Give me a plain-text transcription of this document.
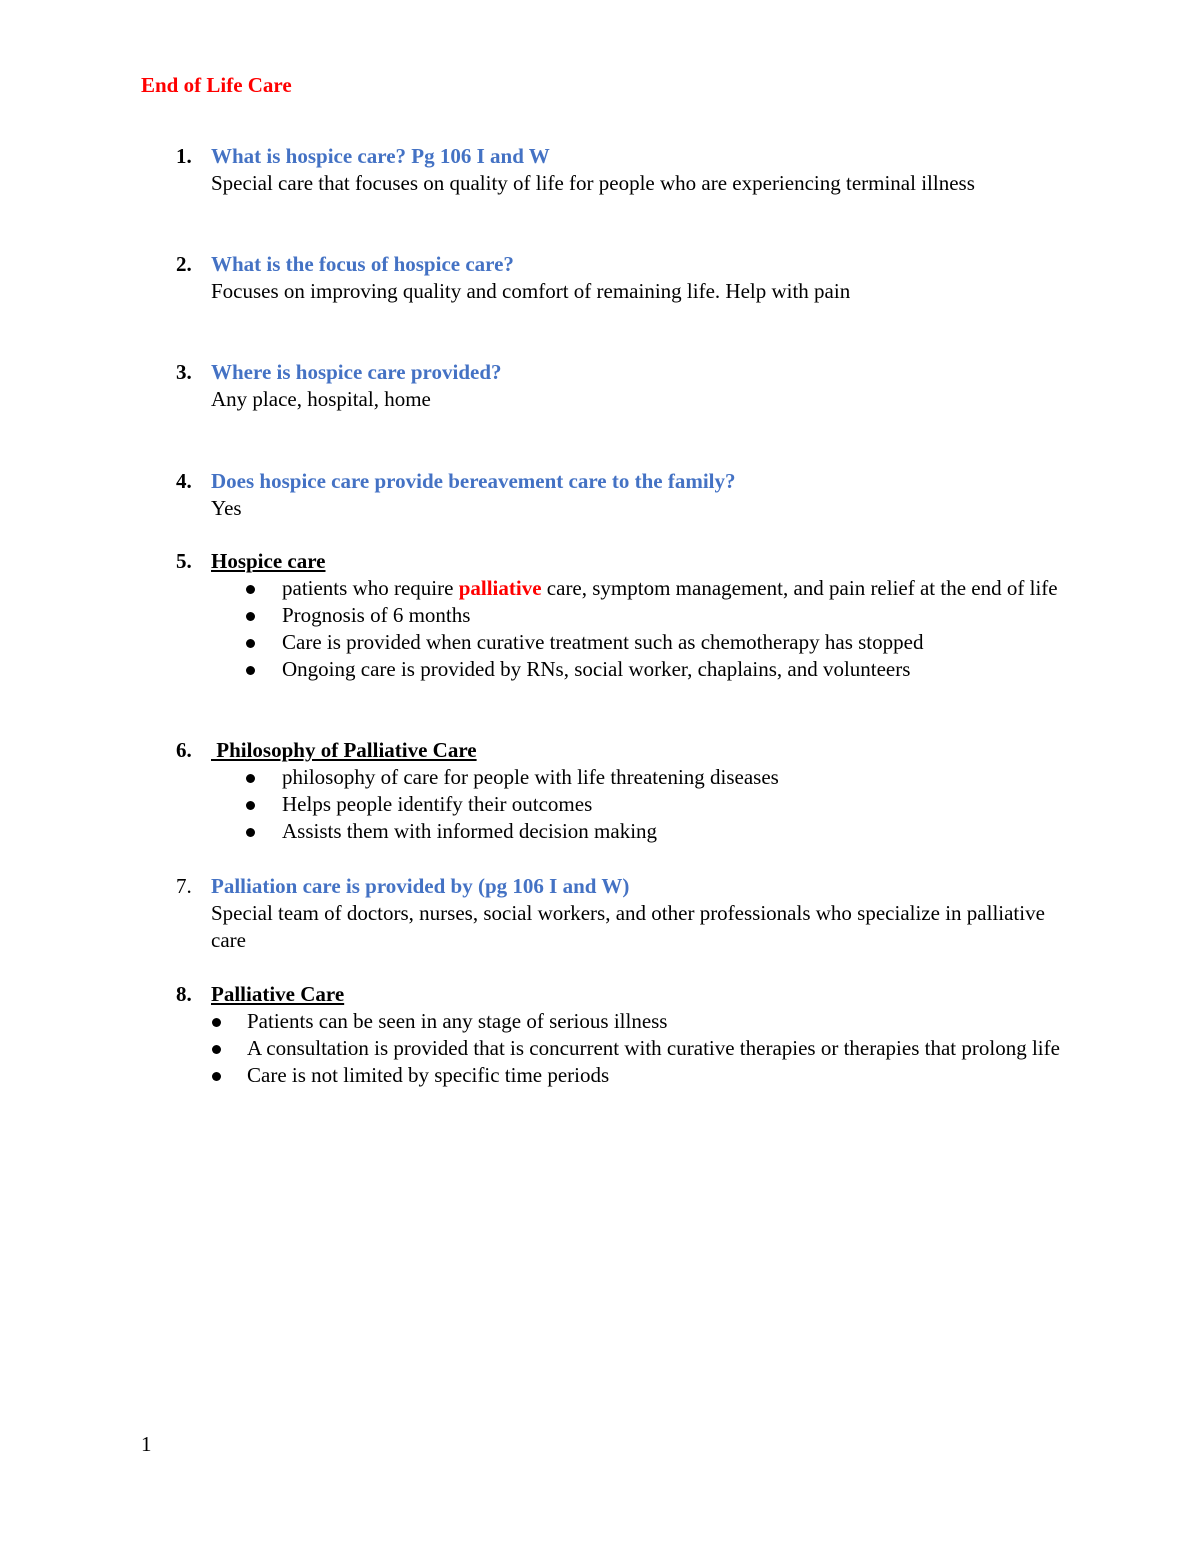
End of Life Care
1. What is hospice care? Pg 106 I and W
Special care that focuses on quality of life for people who are experiencing terminal illness
2. What is the focus of hospice care?
Focuses on improving quality and comfort of remaining life. Help with pain
3. Where is hospice care provided?
Any place, hospital, home
4. Does hospice care provide bereavement care to the family?
Yes
5. Hospice care
patients who require palliative care, symptom management, and pain relief at the end of life
Prognosis of 6 months
Care is provided when curative treatment such as chemotherapy has stopped
Ongoing care is provided by RNs, social worker, chaplains, and volunteers
6. Philosophy of Palliative Care
philosophy of care for people with life threatening diseases
Helps people identify their outcomes
Assists them with informed decision making
7. Palliation care is provided by (pg 106 I and W)
Special team of doctors, nurses, social workers, and other professionals who specialize in palliative care
8. Palliative Care
Patients can be seen in any stage of serious illness
A consultation is provided that is concurrent with curative therapies or therapies that prolong life
Care is not limited by specific time periods
1
